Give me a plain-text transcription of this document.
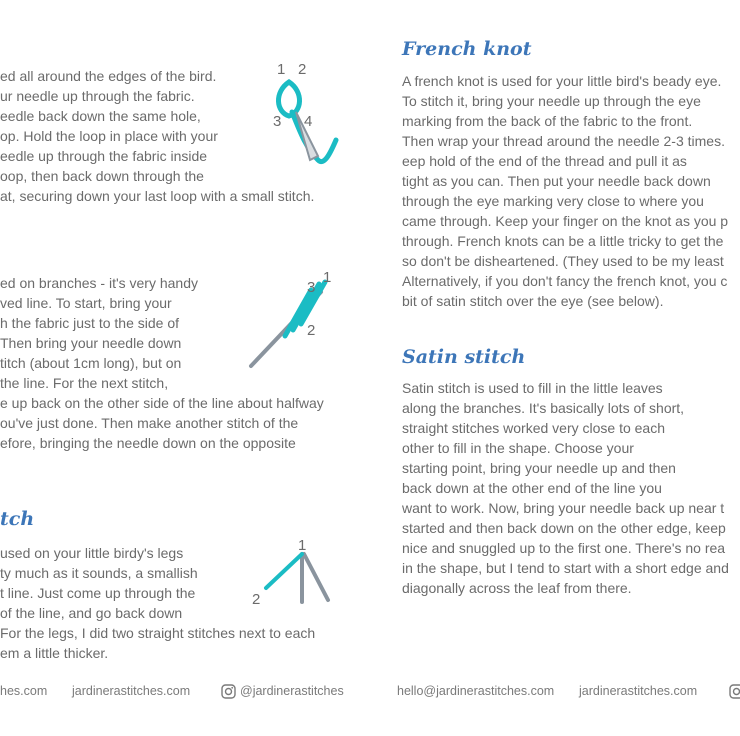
ed all around the edges of the bird.
ur needle up through the fabric.
eedle back down the same hole,
op. Hold the loop in place with your
eedle up through the fabric inside
oop, then back down through the
at, securing down your last loop with a small stitch.
1 2
3 4
ed on branches - it's very handy
ved line. To start, bring your
h the fabric just to the side of
Then bring your needle down
titch (about 1cm long), but on
the line. For the next stitch,
e up back on the other side of the line about halfway
ou've just done. Then make another stitch of the
efore, bringing the needle down on the opposite
3
1
2
tch
used on your little birdy's legs
ty much as it sounds, a smallish
t line. Just come up through the
of the line, and go back down
For the legs, I did two straight stitches next to each
em a little thicker.
1
2
French knot
A french knot is used for your little bird's beady eye.
To stitch it, bring your needle up through the eye
marking from the back of the fabric to the front.
Then wrap your thread around the needle 2-3 times.
eep hold of the end of the thread and pull it as
tight as you can. Then put your needle back down
through the eye marking very close to where you
came through. Keep your finger on the knot as you p
through. French knots can be a little tricky to get the
so don't be disheartened. (They used to be my least
Alternatively, if you don't fancy the french knot, you c
bit of satin stitch over the eye (see below).
Satin stitch
Satin stitch is used to fill in the little leaves
along the branches. It's basically lots of short,
straight stitches worked very close to each
other to fill in the shape. Choose your
starting point, bring your needle up and then
back down at the other end of the line you
want to work. Now, bring your needle back up near t
started and then back down on the other edge, keep
nice and snuggled up to the first one. There's no rea
in the shape, but I tend to start with a short edge and
diagonally across the leaf from there.
hes.com jardinerastitches.com	@jardinerastitches	hello@jardinerastitches.com jardinerastitches.com
